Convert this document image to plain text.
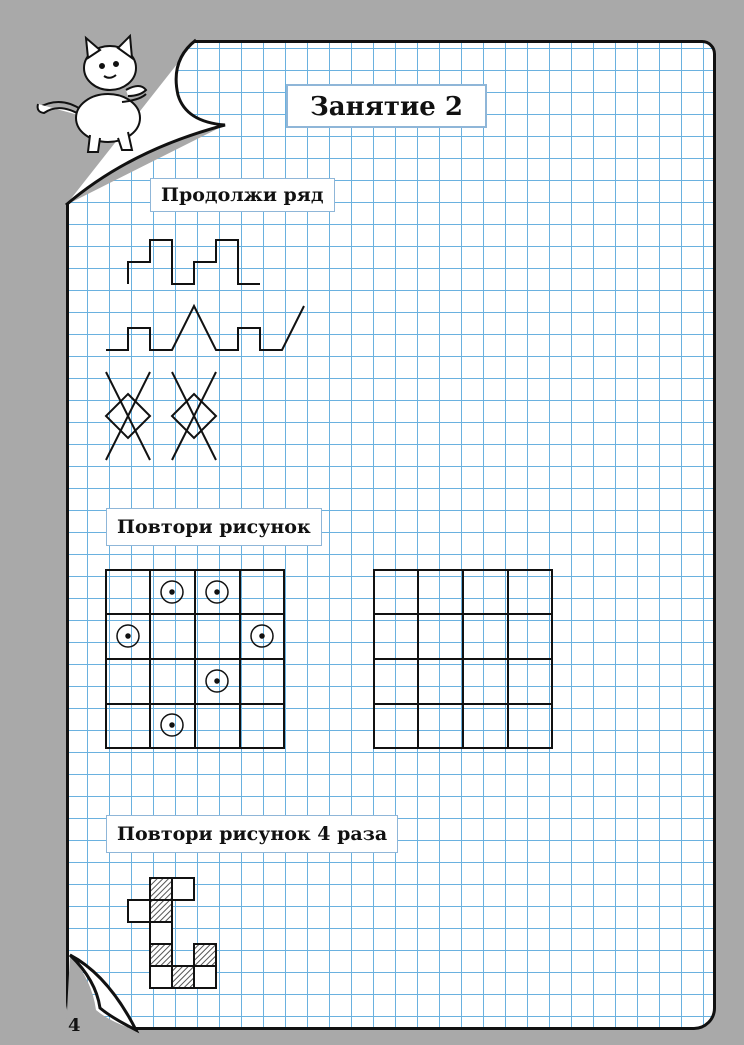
Занятие 2
Продолжи ряд
Повтори рисунок
Повтори рисунок 4 раза
4
